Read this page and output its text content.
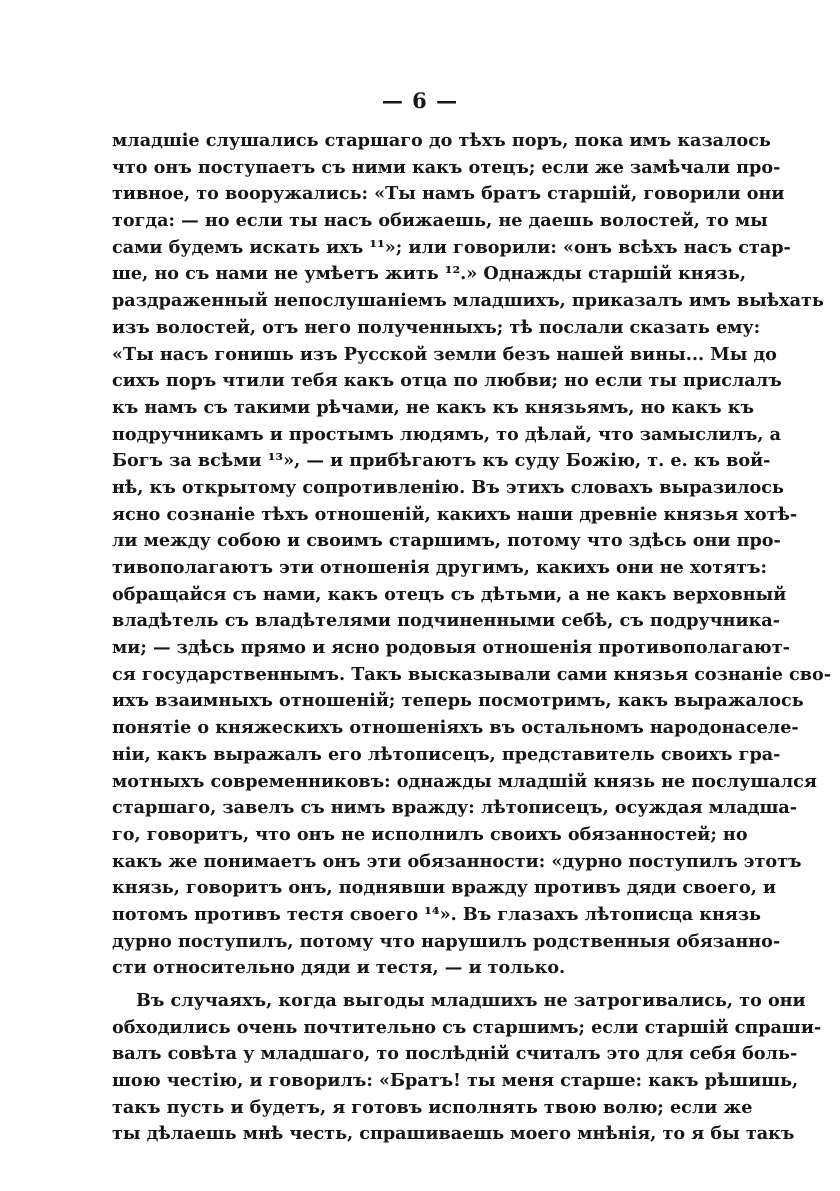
— 6 —
младшіе слушались старшаго до тѣхъ поръ, пока имъ казалось
что онъ поступаетъ съ ними какъ отецъ; если же замѣчали про-
тивное, то вооружались: «Ты намъ братъ старшій, говорили они
тогда: — но если ты насъ обижаешь, не даешь волостей, то мы
сами будемъ искать ихъ ¹¹»; или говорили: «онъ всѣхъ насъ стар-
ше, но съ нами не умѣетъ жить ¹².» Однажды старшій князь,
раздраженный непослушаніемъ младшихъ, приказалъ имъ выѣхать
изъ волостей, отъ него полученныхъ; тѣ послали сказать ему:
«Ты насъ гонишь изъ Русской земли безъ нашей вины... Мы до
сихъ поръ чтили тебя какъ отца по любви; но если ты прислалъ
къ намъ съ такими рѣчами, не какъ къ князьямъ, но какъ къ
подручникамъ и простымъ людямъ, то дѣлай, что замыслилъ, а
Богъ за всѣми ¹³», — и прибѣгаютъ къ суду Божію, т. е. къ вой-
нѣ, къ открытому сопротивленію. Въ этихъ словахъ выразилось
ясно сознаніе тѣхъ отношеній, какихъ наши древніе князья хотѣ-
ли между собою и своимъ старшимъ, потому что здѣсь они про-
тивополагаютъ эти отношенія другимъ, какихъ они не хотятъ:
обращайся съ нами, какъ отецъ съ дѣтьми, а не какъ верховный
владѣтель съ владѣтелями подчиненными себѣ, съ подручника-
ми; — здѣсь прямо и ясно родовыя отношенія противополагают-
ся государственнымъ. Такъ высказывали сами князья сознаніе сво-
ихъ взаимныхъ отношеній; теперь посмотримъ, какъ выражалось
понятіе о княжескихъ отношеніяхъ въ остальномъ народонаселе-
ніи, какъ выражалъ его лѣтописецъ, представитель своихъ гра-
мотныхъ современниковъ: однажды младшій князь не послушался
старшаго, завелъ съ нимъ вражду: лѣтописецъ, осуждая младша-
го, говоритъ, что онъ не исполнилъ своихъ обязанностей; но
какъ же понимаетъ онъ эти обязанности: «дурно поступилъ этотъ
князь, говоритъ онъ, поднявши вражду противъ дяди своего, и
потомъ противъ тестя своего ¹⁴». Въ глазахъ лѣтописца князь
дурно поступилъ, потому что нарушилъ родственныя обязанно-
сти относительно дяди и тестя, — и только.
Въ случаяхъ, когда выгоды младшихъ не затрогивались, то они
обходились очень почтительно съ старшимъ; если старшій спраши-
валъ совѣта у младшаго, то послѣдній считалъ это для себя боль-
шою честію, и говорилъ: «Братъ! ты меня старше: какъ рѣшишь,
такъ пусть и будетъ, я готовъ исполнять твою волю; если же
ты дѣлаешь мнѣ честь, спрашиваешь моего мнѣнія, то я бы такъ
